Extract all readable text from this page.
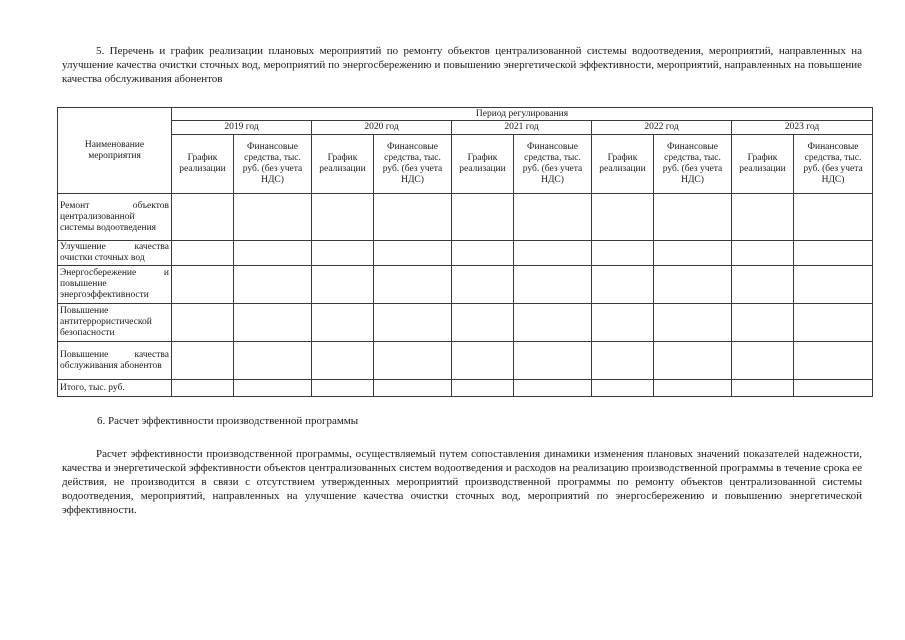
5. Перечень и график реализации плановых мероприятий по ремонту объектов централизованной системы водоотведения, мероприятий, направленных на улучшение качества очистки сточных вод, мероприятий по энергосбережению и повышению энергетической эффективности, мероприятий, направленных на повышение качества обслуживания абонентов

Наименование мероприятия	Период регулирования									
	2019 год		2020 год		2021 год		2022 год		2023 год	
	График реализации	Финансовые средства, тыс. руб. (без учета НДС)	График реализации	Финансовые средства, тыс. руб. (без учета НДС)	График реализации	Финансовые средства, тыс. руб. (без учета НДС)	График реализации	Финансовые средства, тыс. руб. (без учета НДС)	График реализации	Финансовые средства, тыс. руб. (без учета НДС)
Ремонт объектов централизованной системы водоотведения										
Улучшение качества очистки сточных вод										
Энергосбережение и повышение энергоэффективности										
Повышение антитеррористической безопасности										
Повышение качества обслуживания абонентов										
Итого, тыс. руб.										

6. Расчет эффективности производственной программы

Расчет эффективности производственной программы, осуществляемый путем сопоставления динамики изменения плановых значений показателей надежности, качества и энергетической эффективности объектов централизованных систем водоотведения и расходов на реализацию производственной программы в течение срока ее действия, не производится в связи с отсутствием утвержденных мероприятий производственной программы по ремонту объектов централизованной системы водоотведения, мероприятий, направленных на улучшение качества очистки сточных вод, мероприятий по энергосбережению и повышению энергетической эффективности.
